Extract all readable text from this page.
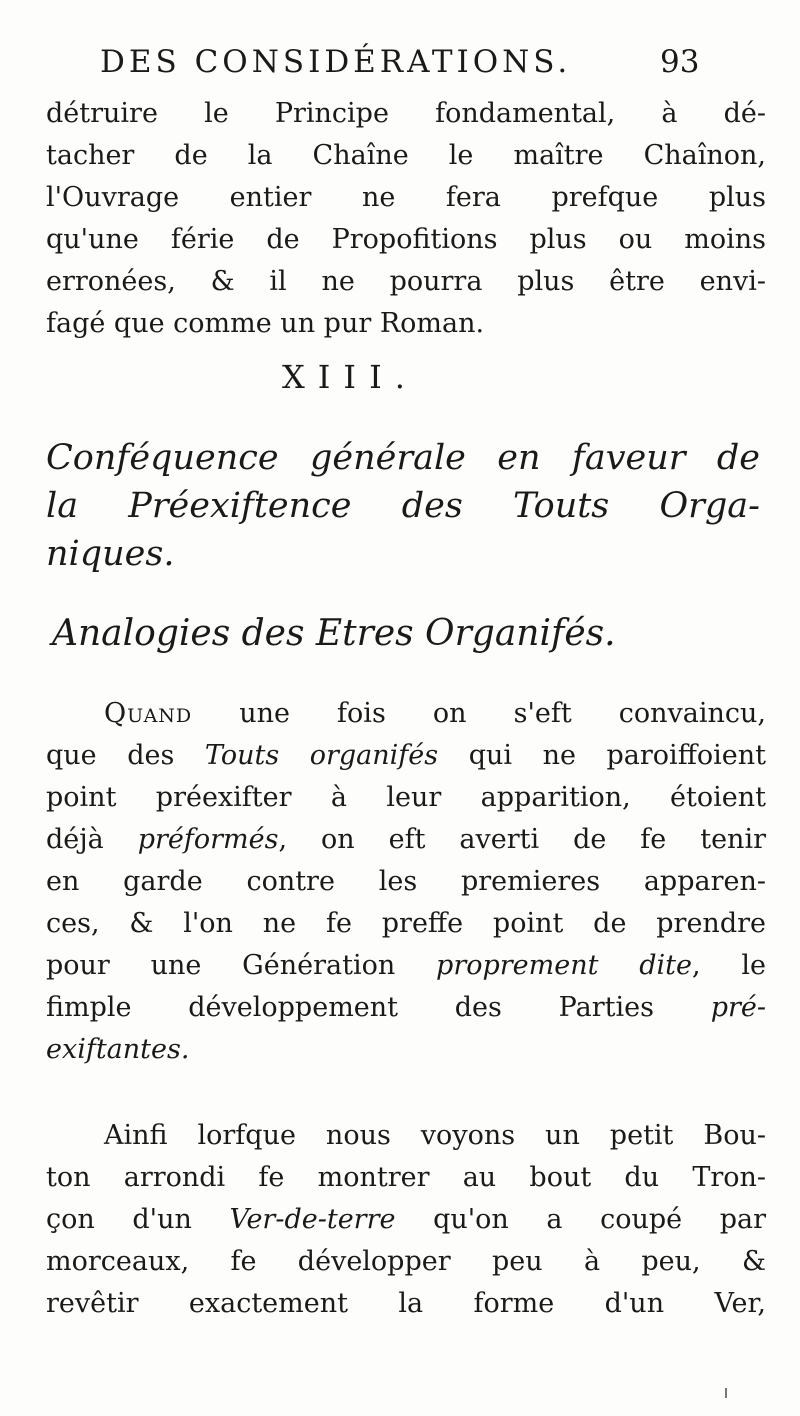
DES CONSIDÉRATIONS.	93
détruire le Principe fondamental, à dé-
tacher de la Chaîne le maître Chaînon,
l'Ouvrage entier ne fera prefque plus
qu'une férie de Propofitions plus ou moins
erronées, & il ne pourra plus être envi-
fagé que comme un pur Roman.
XIII.
Conféquence générale en faveur de
la Préexiftence des Touts Orga-
niques.
Analogies des Etres Organifés.
Quand une fois on s'eft convaincu,
que des Touts organifés qui ne paroiffoient
point préexifter à leur apparition, étoient
déjà préformés, on eft averti de fe tenir
en garde contre les premieres apparen-
ces, & l'on ne fe preffe point de prendre
pour une Génération proprement dite, le
fimple développement des Parties pré-
exiftantes.
Ainfi lorfque nous voyons un petit Bou-
ton arrondi fe montrer au bout du Tron-
çon d'un Ver-de-terre qu'on a coupé par
morceaux, fe développer peu à peu, &
revêtir exactement la forme d'un Ver,
